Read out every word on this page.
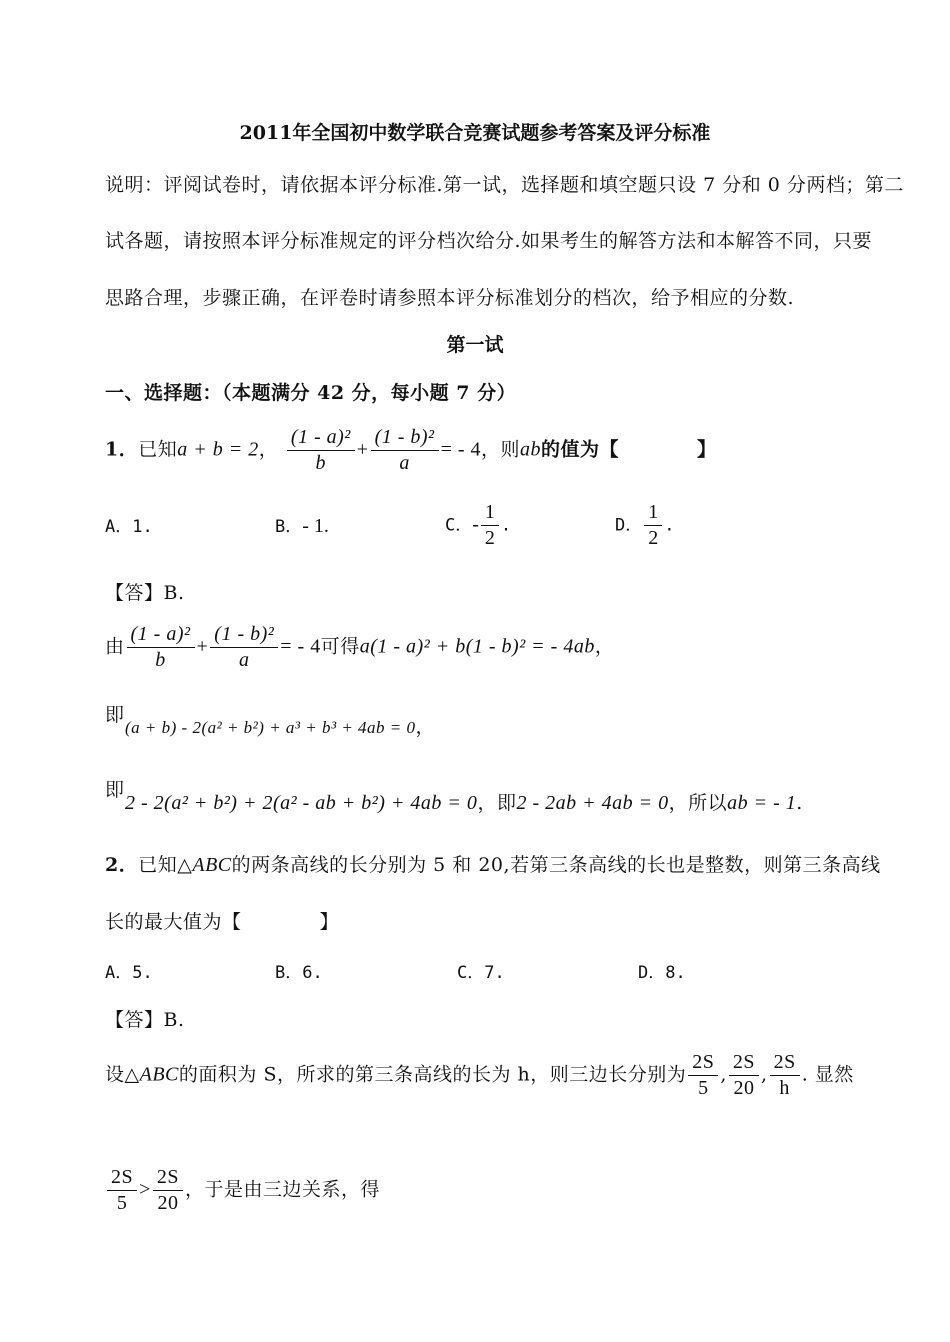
2011年全国初中数学联合竞赛试题参考答案及评分标准
说明：评阅试卷时，请依据本评分标准.第一试，选择题和填空题只设 7 分和 0 分两档；第二
试各题，请按照本评分标准规定的评分档次给分.如果考生的解答方法和本解答不同，只要
思路合理，步骤正确，在评卷时请参照本评分标准划分的档次，给予相应的分数.
第一试
一、选择题：（本题满分 42 分，每小题 7 分）
1．已知a + b = 2， $\frac{\text{(1 - a)²}}{b} + \frac{\text{(1 - b)²}}{a}$ = - 4，则ab的值为【　　　　】
A．1.	B．- 1.	C．- $\frac{1}{2}$ .	D． $\frac{1}{2}$ .
【答】B.
由 $\frac{\text{(1 - a)²}}{b} + \frac{\text{(1 - b)²}}{a}$ = - 4可得a(1 - a)² + b(1 - b)² = - 4ab，
即
(a + b) - 2(a² + b²) + a³ + b³ + 4ab = 0，
即
2 - 2(a² + b²) + 2(a² - ab + b²) + 4ab = 0，即2 - 2ab + 4ab = 0，所以ab = - 1.
2．已知△ABC的两条高线的长分别为 5 和 20,若第三条高线的长也是整数，则第三条高线
长的最大值为【　　　　】
A．5.	B．6.	C．7.	D．8.
【答】B.
设△ABC的面积为 S，所求的第三条高线的长为 h，则三边长分别为 $\frac{2S}{5}$ , $\frac{2S}{20}$ , $\frac{2S}{h}$ . 显然
$\frac{2S}{5} > \frac{2S}{20}$ ，于是由三边关系，得
